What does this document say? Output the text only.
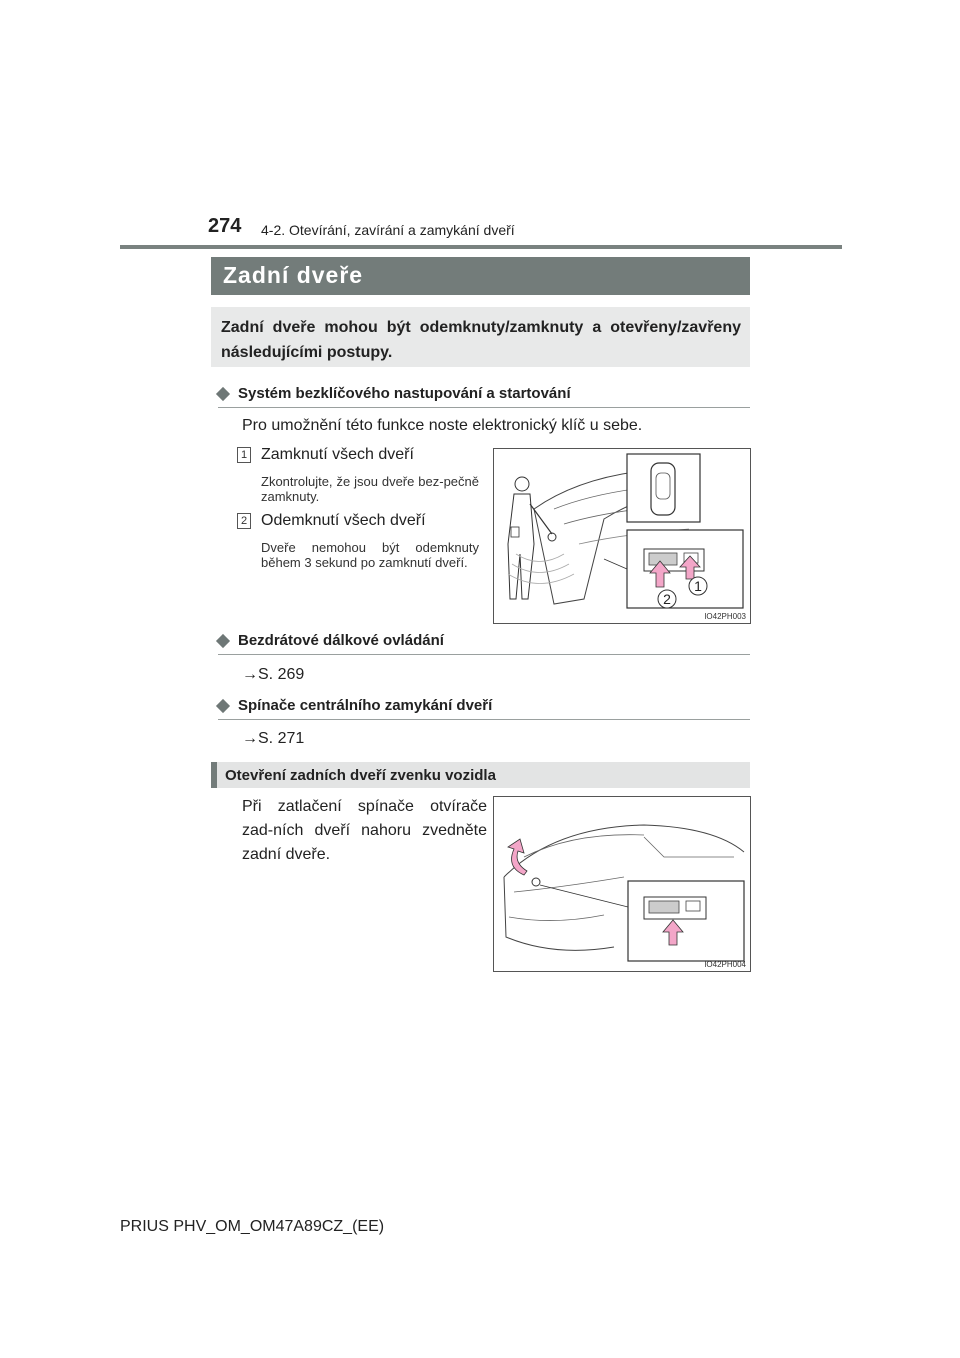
274 4-2. Otevírání, zavírání a zamykání dveří
Zadní dveře
Zadní dveře mohou být odemknuty/zamknuty a otevřeny/zavřeny následujícími postupy.
Systém bezklíčového nastupování a startování
Pro umožnění této funkce noste elektronický klíč u sebe.
1 Zamknutí všech dveří
Zkontrolujte, že jsou dveře bez-pečně zamknuty.
2 Odemknutí všech dveří
Dveře nemohou být odemknuty během 3 sekund po zamknutí dveří.
1
2
IO42PH003
Bezdrátové dálkové ovládání
→S. 269
Spínače centrálního zamykání dveří
→S. 271
Otevření zadních dveří zvenku vozidla
Při zatlačení spínače otvírače zad-ních dveří nahoru zvedněte zadní dveře.
IO42PH004
PRIUS PHV_OM_OM47A89CZ_(EE)
